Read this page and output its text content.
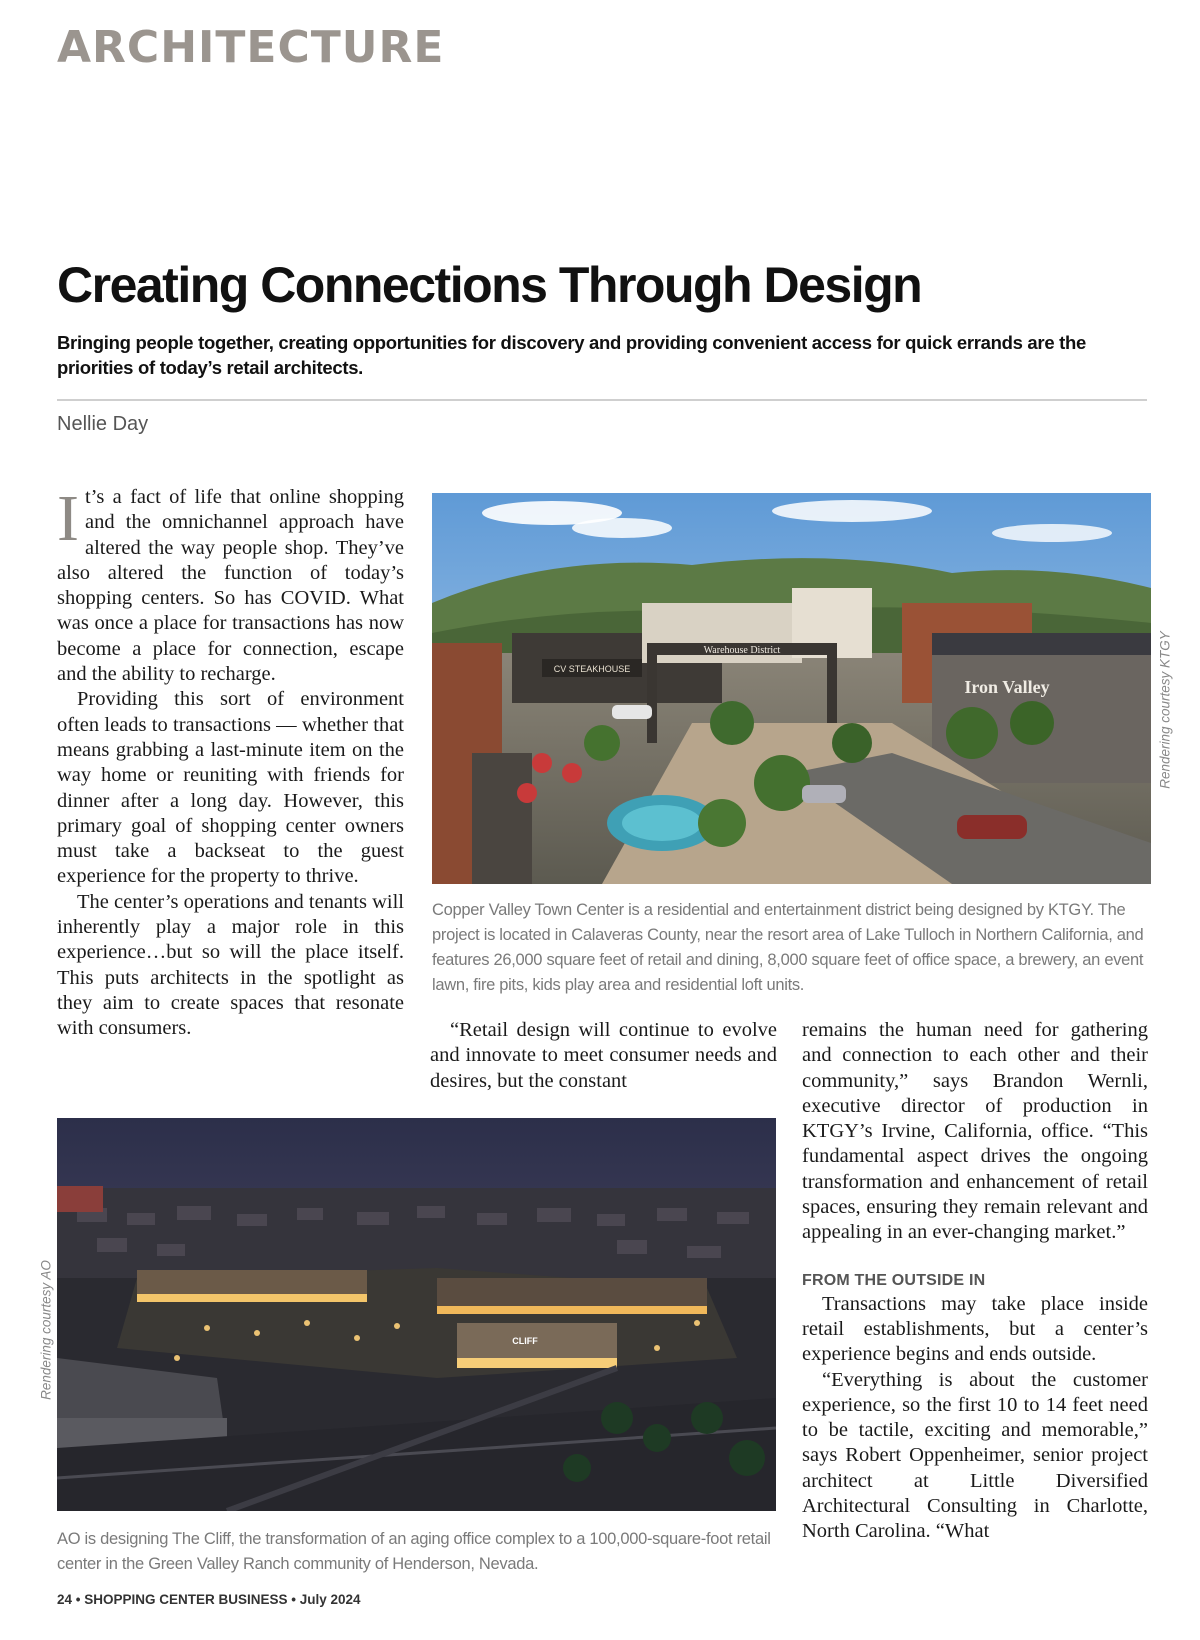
ARCHITECTURE
Creating Connections Through Design

Bringing people together, creating opportunities for discovery and providing convenient access for quick errands are the priorities of today’s retail architects.

Nellie Day

It’s a fact of life that online shopping and the omnichannel approach have altered the way people shop. They’ve also altered the function of today’s shopping centers. So has COVID. What was once a place for transactions has now become a place for connection, escape and the ability to recharge.

Providing this sort of environment often leads to transactions — whether that means grabbing a last-minute item on the way home or reuniting with friends for dinner after a long day. However, this primary goal of shopping center owners must take a backseat to the guest experience for the property to thrive.

The center’s operations and tenants will inherently play a major role in this experience…but so will the place itself. This puts architects in the spotlight as they aim to create spaces that resonate with consumers.

CV STEAKHOUSE
Warehouse District
Iron Valley

Copper Valley Town Center is a residential and entertainment district being designed by KTGY. The project is located in Calaveras County, near the resort area of Lake Tulloch in Northern California, and features 26,000 square feet of retail and dining, 8,000 square feet of office space, a brewery, an event lawn, fire pits, kids play area and residential loft units.

Rendering courtesy KTGY

“Retail design will continue to evolve and innovate to meet consumer needs and desires, but the constant

remains the human need for gathering and connection to each other and their community,” says Brandon Wernli, executive director of production in KTGY’s Irvine, California, office. “This fundamental aspect drives the ongoing transformation and enhancement of retail spaces, ensuring they remain relevant and appealing in an ever-changing market.”

FROM THE OUTSIDE IN

Transactions may take place inside retail establishments, but a center’s experience begins and ends outside.

“Everything is about the customer experience, so the first 10 to 14 feet need to be tactile, exciting and memorable,” says Robert Oppenheimer, senior project architect at Little Diversified Architectural Consulting in Charlotte, North Carolina. “What

CLIFF

AO is designing The Cliff, the transformation of an aging office complex to a 100,000-square-foot retail center in the Green Valley Ranch community of Henderson, Nevada.

Rendering courtesy AO

24 • SHOPPING CENTER BUSINESS • July 2024
